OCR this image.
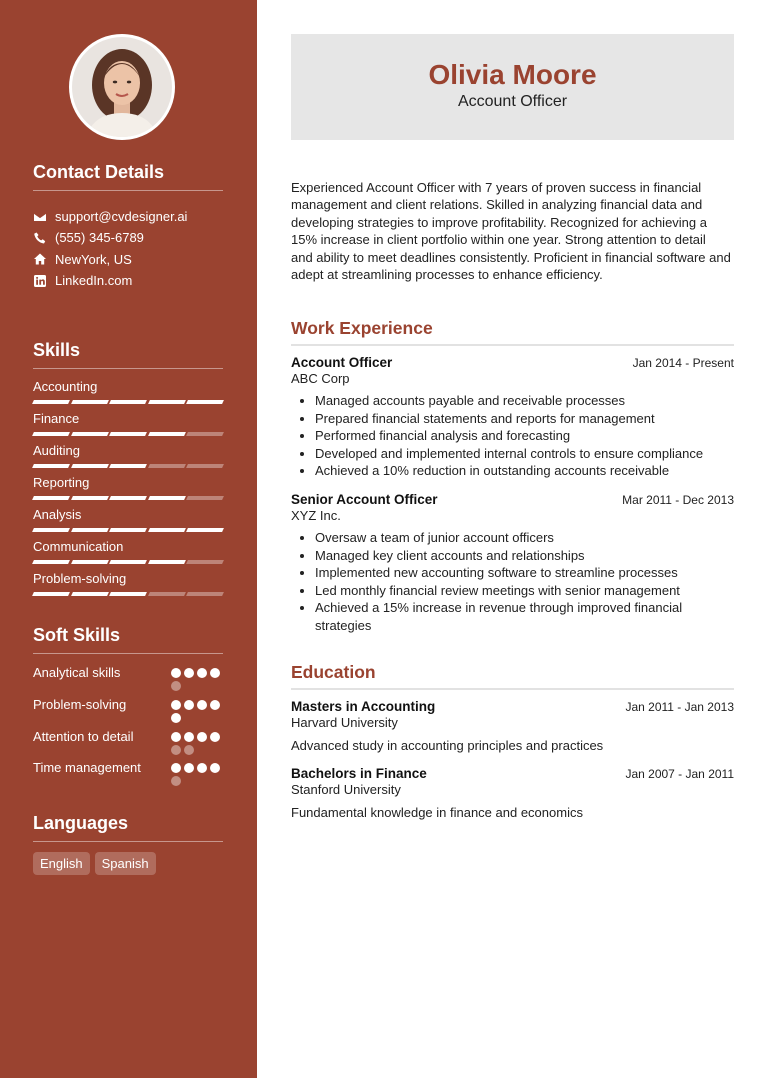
Contact Details
support@cvdesigner.ai
(555) 345-6789
NewYork, US
LinkedIn.com
Skills
Accounting
Finance
Auditing
Reporting
Analysis
Communication
Problem-solving
Soft Skills
Analytical skills
Problem-solving
Attention to detail
Time management
Languages
English	Spanish
Olivia Moore
Account Officer
Experienced Account Officer with 7 years of proven success in financial management and client relations. Skilled in analyzing financial data and developing strategies to improve profitability. Recognized for achieving a 15% increase in client portfolio within one year. Strong attention to detail and ability to meet deadlines consistently. Proficient in financial software and adept at streamlining processes to enhance efficiency.
Work Experience
Account Officer	Jan 2014 - Present
ABC Corp
• Managed accounts payable and receivable processes
• Prepared financial statements and reports for management
• Performed financial analysis and forecasting
• Developed and implemented internal controls to ensure compliance
• Achieved a 10% reduction in outstanding accounts receivable
Senior Account Officer	Mar 2011 - Dec 2013
XYZ Inc.
• Oversaw a team of junior account officers
• Managed key client accounts and relationships
• Implemented new accounting software to streamline processes
• Led monthly financial review meetings with senior management
• Achieved a 15% increase in revenue through improved financial strategies
Education
Masters in Accounting	Jan 2011 - Jan 2013
Harvard University
Advanced study in accounting principles and practices
Bachelors in Finance	Jan 2007 - Jan 2011
Stanford University
Fundamental knowledge in finance and economics
